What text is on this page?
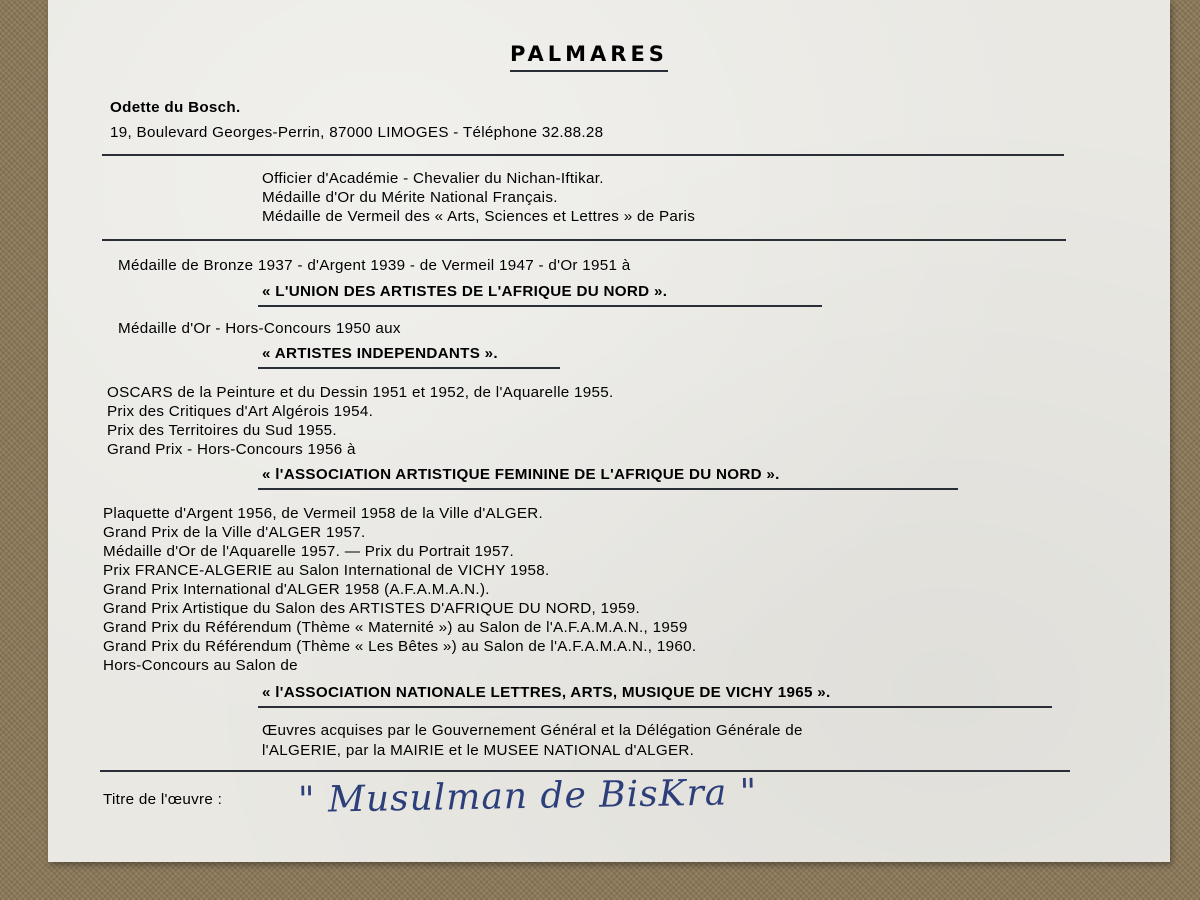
PALMARES
Odette du Bosch.
19, Boulevard Georges-Perrin, 87000 LIMOGES - Téléphone 32.88.28
Officier d'Académie - Chevalier du Nichan-Iftikar.
Médaille d'Or du Mérite National Français.
Médaille de Vermeil des « Arts, Sciences et Lettres » de Paris
Médaille de Bronze 1937 - d'Argent 1939 - de Vermeil 1947 - d'Or 1951 à
« L'UNION DES ARTISTES DE L'AFRIQUE DU NORD ».
Médaille d'Or - Hors-Concours 1950 aux
« ARTISTES INDEPENDANTS ».
OSCARS de la Peinture et du Dessin 1951 et 1952, de l'Aquarelle 1955.
Prix des Critiques d'Art Algérois 1954.
Prix des Territoires du Sud 1955.
Grand Prix - Hors-Concours 1956 à
« l'ASSOCIATION ARTISTIQUE FEMININE DE L'AFRIQUE DU NORD ».
Plaquette d'Argent 1956, de Vermeil 1958 de la Ville d'ALGER.
Grand Prix de la Ville d'ALGER 1957.
Médaille d'Or de l'Aquarelle 1957. — Prix du Portrait 1957.
Prix FRANCE-ALGERIE au Salon International de VICHY 1958.
Grand Prix International d'ALGER 1958 (A.F.A.M.A.N.).
Grand Prix Artistique du Salon des ARTISTES D'AFRIQUE DU NORD, 1959.
Grand Prix du Référendum (Thème « Maternité ») au Salon de l'A.F.A.M.A.N., 1959
Grand Prix du Référendum (Thème « Les Bêtes ») au Salon de l'A.F.A.M.A.N., 1960.
Hors-Concours au Salon de
« l'ASSOCIATION NATIONALE LETTRES, ARTS, MUSIQUE DE VICHY 1965 ».
Œuvres acquises par le Gouvernement Général et la Délégation Générale de
l'ALGERIE, par la MAIRIE et le MUSEE NATIONAL d'ALGER.
Titre de l'œuvre : " Musulman de BisKra "
